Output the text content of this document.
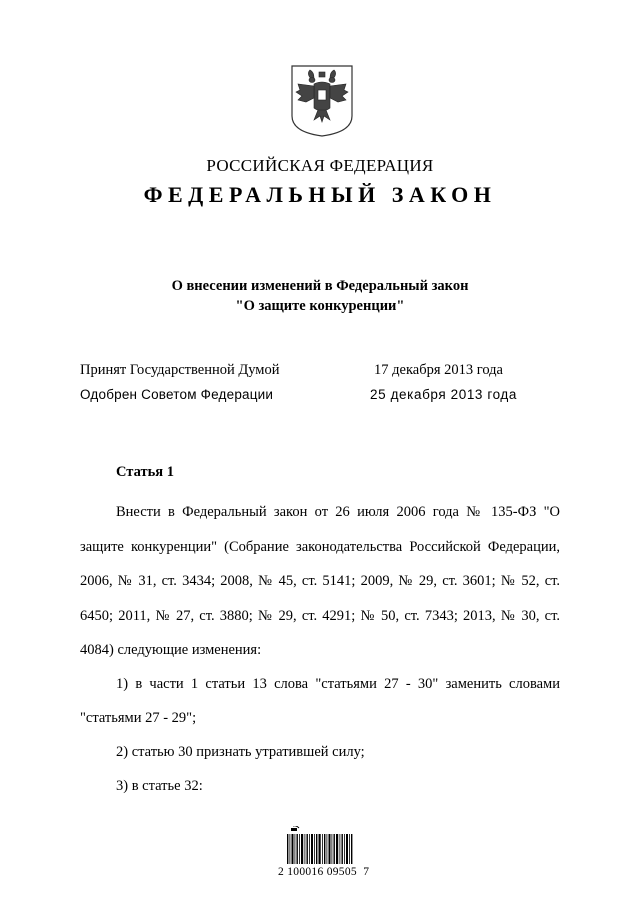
РОССИЙСКАЯ ФЕДЕРАЦИЯ
ФЕДЕРАЛЬНЫЙ ЗАКОН
О внесении изменений в Федеральный закон
"О защите конкуренции"
Принят Государственной Думой	17 декабря 2013 года
Одобрен Советом Федерации	25 декабря 2013 года
Статья 1
Внести в Федеральный закон от 26 июля 2006 года № 135-ФЗ "О защите конкуренции" (Собрание законодательства Российской Федерации, 2006, № 31, ст. 3434; 2008, № 45, ст. 5141; 2009, № 29, ст. 3601; № 52, ст. 6450; 2011, № 27, ст. 3880; № 29, ст. 4291; № 50, ст. 7343; 2013, № 30, ст. 4084) следующие изменения:
1) в части 1 статьи 13 слова "статьями 27 - 30" заменить словами
"статьями 27 - 29";
2) статью 30 признать утратившей силу;
3) в статье 32:
2 100016 09505  7
